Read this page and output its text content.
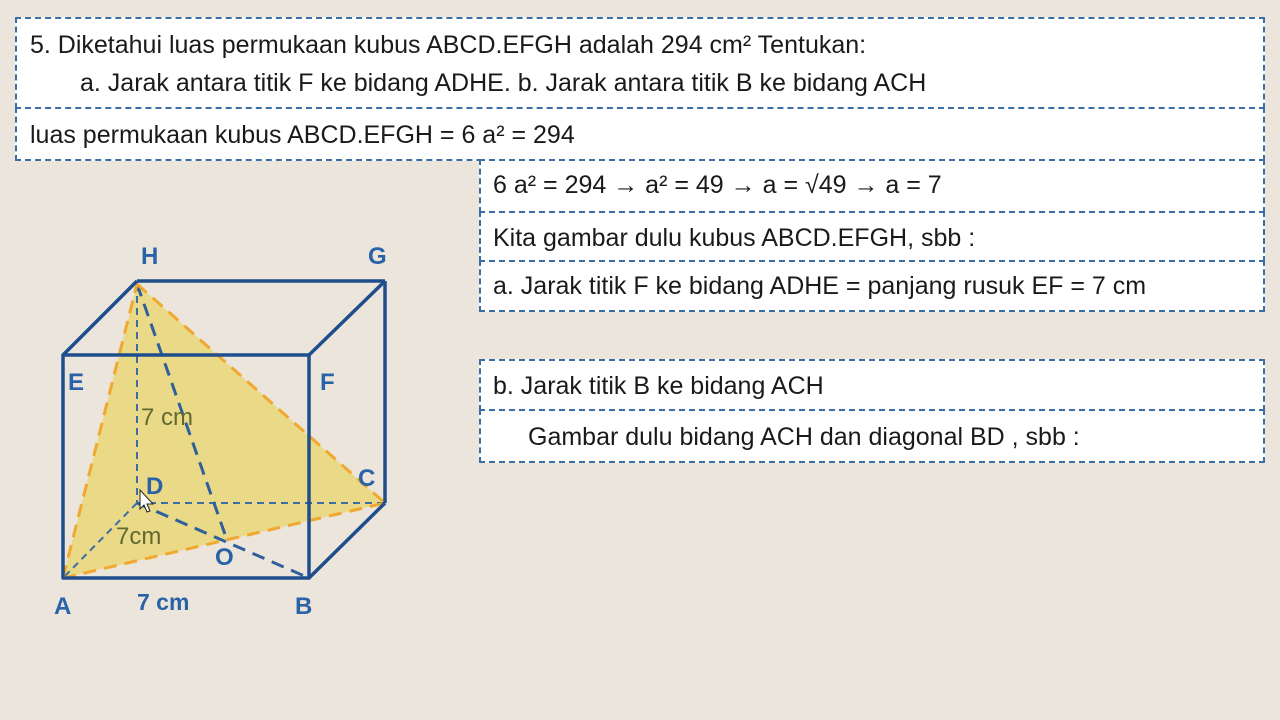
5. Diketahui luas permukaan kubus ABCD.EFGH adalah 294 cm² Tentukan:
a. Jarak antara titik F ke bidang ADHE. b. Jarak antara titik B ke bidang ACH
luas permukaan kubus ABCD.EFGH = 6 a² = 294
6 a² = 294 → a² = 49 → a = √49 → a = 7
Kita gambar dulu kubus ABCD.EFGH, sbb :
a. Jarak titik F ke bidang ADHE = panjang rusuk EF = 7 cm
b. Jarak titik B ke bidang ACH
Gambar dulu bidang ACH dan diagonal BD , sbb :
H	G
E	F
D	C
O
A	B
7 cm
7cm
7 cm
